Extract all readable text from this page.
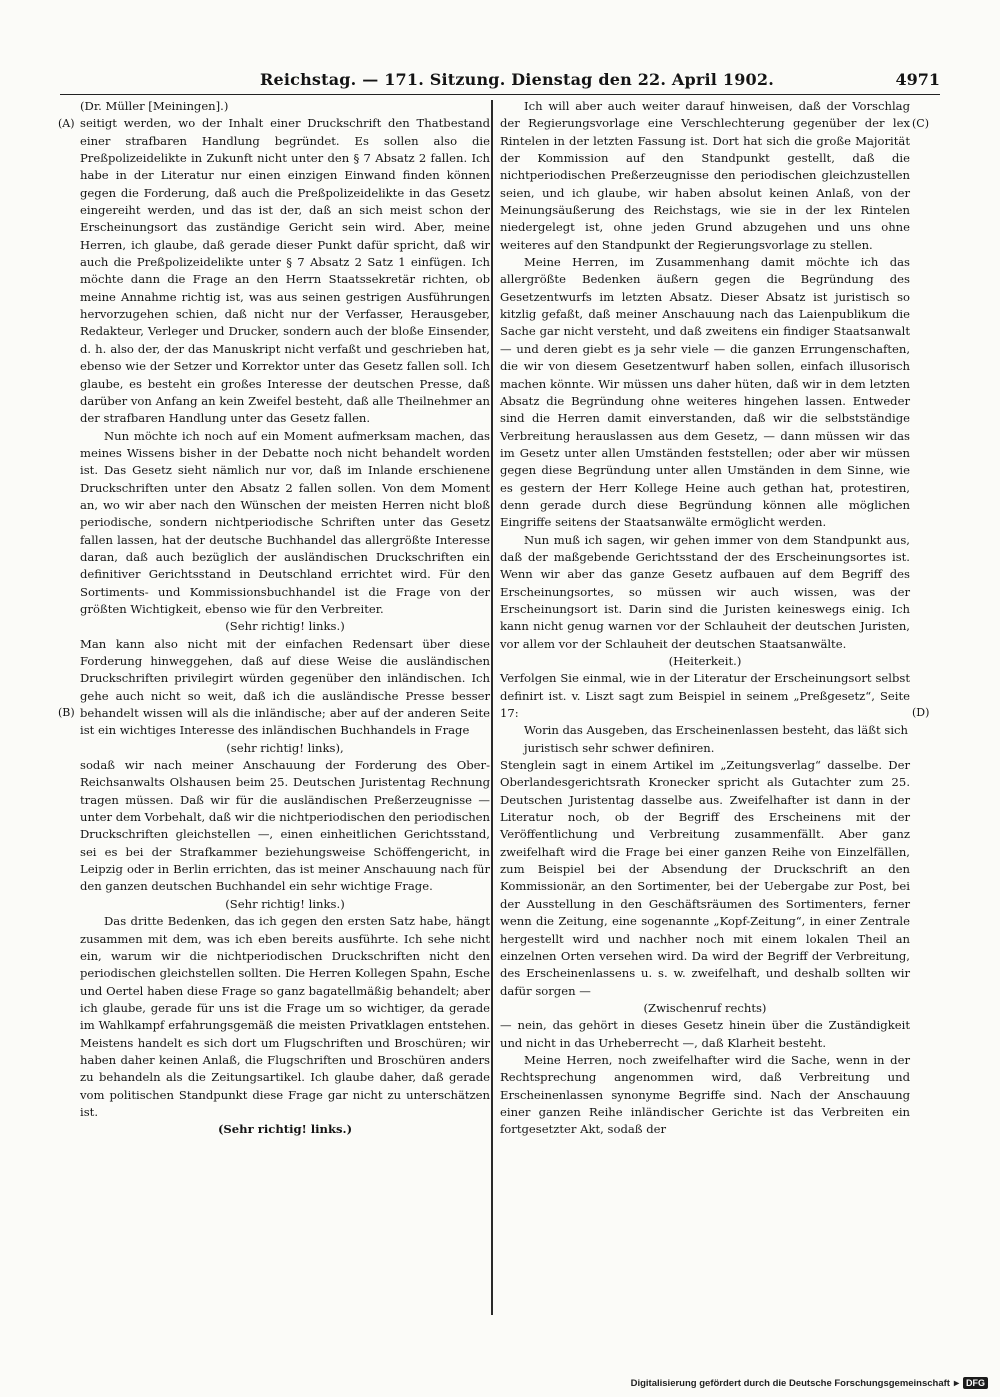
Reichstag. — 171. Sitzung. Dienstag den 22. April 1902.	4971
(A)
(B)
(C)
(D)

(Dr. Müller [Meiningen].)

seitigt werden, wo der Inhalt einer Druckschrift den Thatbestand einer strafbaren Handlung begründet. Es sollen also die Preßpolizeidelikte in Zukunft nicht unter den § 7 Absatz 2 fallen. Ich habe in der Literatur nur einen einzigen Einwand finden können gegen die Forderung, daß auch die Preßpolizeidelikte in das Gesetz eingereiht werden, und das ist der, daß an sich meist schon der Erscheinungsort das zuständige Gericht sein wird. Aber, meine Herren, ich glaube, daß gerade dieser Punkt dafür spricht, daß wir auch die Preßpolizeidelikte unter § 7 Absatz 2 Satz 1 einfügen. Ich möchte dann die Frage an den Herrn Staatssekretär richten, ob meine Annahme richtig ist, was aus seinen gestrigen Ausführungen hervorzugehen schien, daß nicht nur der Verfasser, Herausgeber, Redakteur, Verleger und Drucker, sondern auch der bloße Einsender, d. h. also der, der das Manuskript nicht verfaßt und geschrieben hat, ebenso wie der Setzer und Korrektor unter das Gesetz fallen soll. Ich glaube, es besteht ein großes Interesse der deutschen Presse, daß darüber von Anfang an kein Zweifel besteht, daß alle Theilnehmer an der strafbaren Handlung unter das Gesetz fallen.

Nun möchte ich noch auf ein Moment aufmerksam machen, das meines Wissens bisher in der Debatte noch nicht behandelt worden ist. Das Gesetz sieht nämlich nur vor, daß im Inlande erschienene Druckschriften unter den Absatz 2 fallen sollen. Von dem Moment an, wo wir aber nach den Wünschen der meisten Herren nicht bloß periodische, sondern nichtperiodische Schriften unter das Gesetz fallen lassen, hat der deutsche Buchhandel das allergrößte Interesse daran, daß auch bezüglich der ausländischen Druckschriften ein definitiver Gerichtsstand in Deutschland errichtet wird. Für den Sortiments- und Kommissionsbuchhandel ist die Frage von der größten Wichtigkeit, ebenso wie für den Verbreiter.

(Sehr richtig! links.)

Man kann also nicht mit der einfachen Redensart über diese Forderung hinweggehen, daß auf diese Weise die ausländischen Druckschriften privilegirt würden gegenüber den inländischen. Ich gehe auch nicht so weit, daß ich die ausländische Presse besser behandelt wissen will als die inländische; aber auf der anderen Seite ist ein wichtiges Interesse des inländischen Buchhandels in Frage

(sehr richtig! links),

sodaß wir nach meiner Anschauung der Forderung des Ober-Reichsanwalts Olshausen beim 25. Deutschen Juristentag Rechnung tragen müssen. Daß wir für die ausländischen Preßerzeugnisse — unter dem Vorbehalt, daß wir die nichtperiodischen den periodischen Druckschriften gleichstellen —, einen einheitlichen Gerichtsstand, sei es bei der Strafkammer beziehungsweise Schöffengericht, in Leipzig oder in Berlin errichten, das ist meiner Anschauung nach für den ganzen deutschen Buchhandel ein sehr wichtige Frage.

(Sehr richtig! links.)

Das dritte Bedenken, das ich gegen den ersten Satz habe, hängt zusammen mit dem, was ich eben bereits ausführte. Ich sehe nicht ein, warum wir die nichtperiodischen Druckschriften nicht den periodischen gleichstellen sollten. Die Herren Kollegen Spahn, Esche und Oertel haben diese Frage so ganz bagatellmäßig behandelt; aber ich glaube, gerade für uns ist die Frage um so wichtiger, da gerade im Wahlkampf erfahrungsgemäß die meisten Privatklagen entstehen. Meistens handelt es sich dort um Flugschriften und Broschüren; wir haben daher keinen Anlaß, die Flugschriften und Broschüren anders zu behandeln als die Zeitungsartikel. Ich glaube daher, daß gerade vom politischen Standpunkt diese Frage gar nicht zu unterschätzen ist.

(Sehr richtig! links.)

Ich will aber auch weiter darauf hinweisen, daß der Vorschlag der Regierungsvorlage eine Verschlechterung gegenüber der lex Rintelen in der letzten Fassung ist. Dort hat sich die große Majorität der Kommission auf den Standpunkt gestellt, daß die nichtperiodischen Preßerzeugnisse den periodischen gleichzustellen seien, und ich glaube, wir haben absolut keinen Anlaß, von der Meinungsäußerung des Reichstags, wie sie in der lex Rintelen niedergelegt ist, ohne jeden Grund abzugehen und uns ohne weiteres auf den Standpunkt der Regierungsvorlage zu stellen.

Meine Herren, im Zusammenhang damit möchte ich das allergrößte Bedenken äußern gegen die Begründung des Gesetzentwurfs im letzten Absatz. Dieser Absatz ist juristisch so kitzlig gefaßt, daß meiner Anschauung nach das Laienpublikum die Sache gar nicht versteht, und daß zweitens ein findiger Staatsanwalt — und deren giebt es ja sehr viele — die ganzen Errungenschaften, die wir von diesem Gesetzentwurf haben sollen, einfach illusorisch machen könnte. Wir müssen uns daher hüten, daß wir in dem letzten Absatz die Begründung ohne weiteres hingehen lassen. Entweder sind die Herren damit einverstanden, daß wir die selbstständige Verbreitung herauslassen aus dem Gesetz, — dann müssen wir das im Gesetz unter allen Umständen feststellen; oder aber wir müssen gegen diese Begründung unter allen Umständen in dem Sinne, wie es gestern der Herr Kollege Heine auch gethan hat, protestiren, denn gerade durch diese Begründung können alle möglichen Eingriffe seitens der Staatsanwälte ermöglicht werden.

Nun muß ich sagen, wir gehen immer von dem Standpunkt aus, daß der maßgebende Gerichtsstand der des Erscheinungsortes ist. Wenn wir aber das ganze Gesetz aufbauen auf dem Begriff des Erscheinungsortes, so müssen wir auch wissen, was der Erscheinungsort ist. Darin sind die Juristen keineswegs einig. Ich kann nicht genug warnen vor der Schlauheit der deutschen Juristen, vor allem vor der Schlauheit der deutschen Staatsanwälte.

(Heiterkeit.)

Verfolgen Sie einmal, wie in der Literatur der Erscheinungsort selbst definirt ist. v. Liszt sagt zum Beispiel in seinem „Preßgesetz“, Seite 17:

Worin das Ausgeben, das Erscheinenlassen besteht, das läßt sich juristisch sehr schwer definiren.

Stenglein sagt in einem Artikel im „Zeitungsverlag“ dasselbe. Der Oberlandesgerichtsrath Kronecker spricht als Gutachter zum 25. Deutschen Juristentag dasselbe aus. Zweifelhafter ist dann in der Literatur noch, ob der Begriff des Erscheinens mit der Veröffentlichung und Verbreitung zusammenfällt. Aber ganz zweifelhaft wird die Frage bei einer ganzen Reihe von Einzelfällen, zum Beispiel bei der Absendung der Druckschrift an den Kommissionär, an den Sortimenter, bei der Uebergabe zur Post, bei der Ausstellung in den Geschäftsräumen des Sortimenters, ferner wenn die Zeitung, eine sogenannte „Kopf-Zeitung“, in einer Zentrale hergestellt wird und nachher noch mit einem lokalen Theil an einzelnen Orten versehen wird. Da wird der Begriff der Verbreitung, des Erscheinenlassens u. s. w. zweifelhaft, und deshalb sollten wir dafür sorgen —

(Zwischenruf rechts)

— nein, das gehört in dieses Gesetz hinein über die Zuständigkeit und nicht in das Urheberrecht —, daß Klarheit besteht.

Meine Herren, noch zweifelhafter wird die Sache, wenn in der Rechtsprechung angenommen wird, daß Verbreitung und Erscheinenlassen synonyme Begriffe sind. Nach der Anschauung einer ganzen Reihe inländischer Gerichte ist das Verbreiten ein fortgesetzter Akt, sodaß der

Digitalisierung gefördert durch die Deutsche Forschungsgemeinschaft ▸ DFG
